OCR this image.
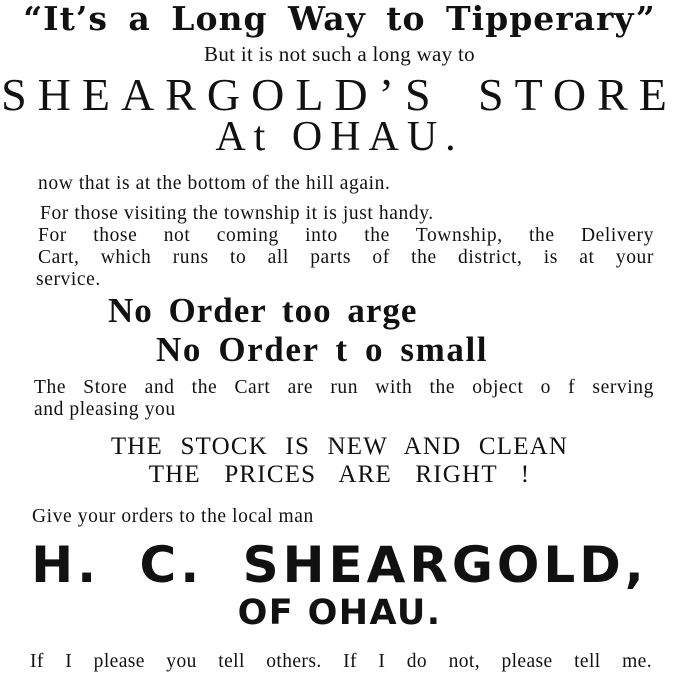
“It’s a Long Way to Tipperary”
But it is not such a long way to
SHEARGOLD’S STORE
At OHAU.
now that is at the bottom of the hill again.
For those visiting the township it is just handy.
For those not coming into the Township, the Delivery
Cart, which runs to all parts of the district, is at your
service.
No Order too arge
No Order t o small
The Store and the Cart are run with the object o f serving
and pleasing you
THE STOCK IS NEW AND CLEAN
THE PRICES ARE RIGHT !
Give your orders to the local man
H. C. SHEARGOLD,
OF OHAU.
If I please you tell others. If I do not, please tell me.
